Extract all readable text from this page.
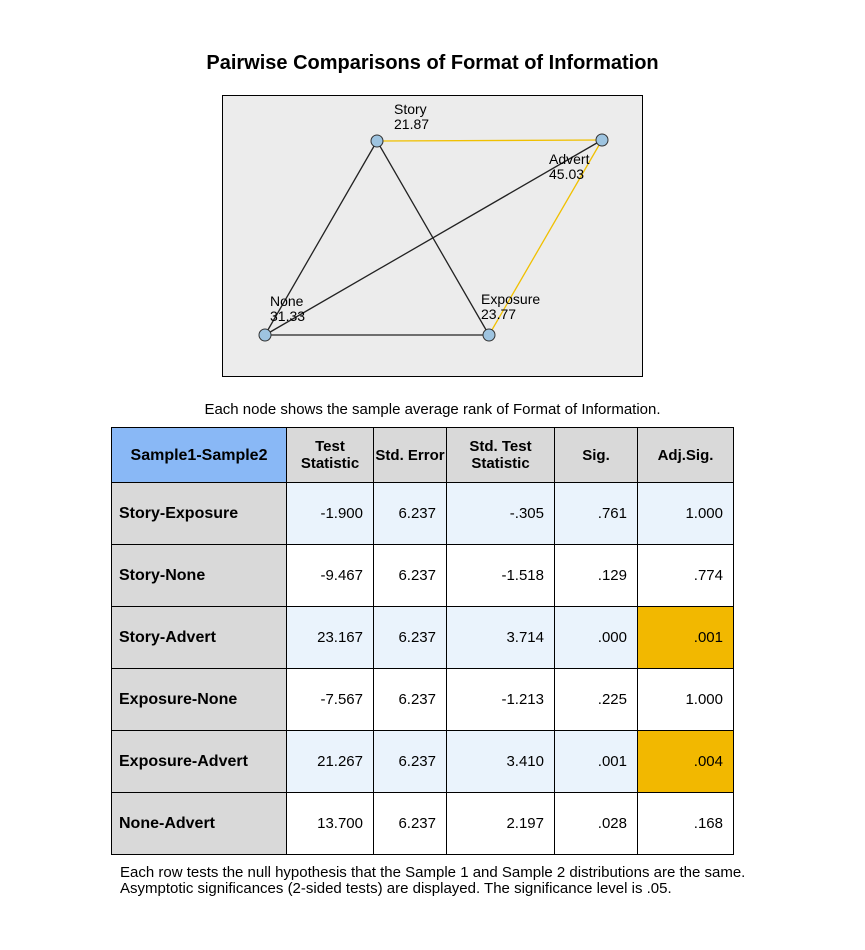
Pairwise Comparisons of Format of Information
Story
21.87
Advert
45.03
None
31.33
Exposure
23.77
Each node shows the sample average rank of Format of Information.
Sample1-Sample2	Test Statistic	Std. Error	Std. Test Statistic	Sig.	Adj.Sig.
Story-Exposure	-1.900	6.237	-.305	.761	1.000
Story-None	-9.467	6.237	-1.518	.129	.774
Story-Advert	23.167	6.237	3.714	.000	.001
Exposure-None	-7.567	6.237	-1.213	.225	1.000
Exposure-Advert	21.267	6.237	3.410	.001	.004
None-Advert	13.700	6.237	2.197	.028	.168

Each row tests the null hypothesis that the Sample 1 and Sample 2 distributions are the same.

Asymptotic significances (2-sided tests) are displayed. The significance level is .05.
